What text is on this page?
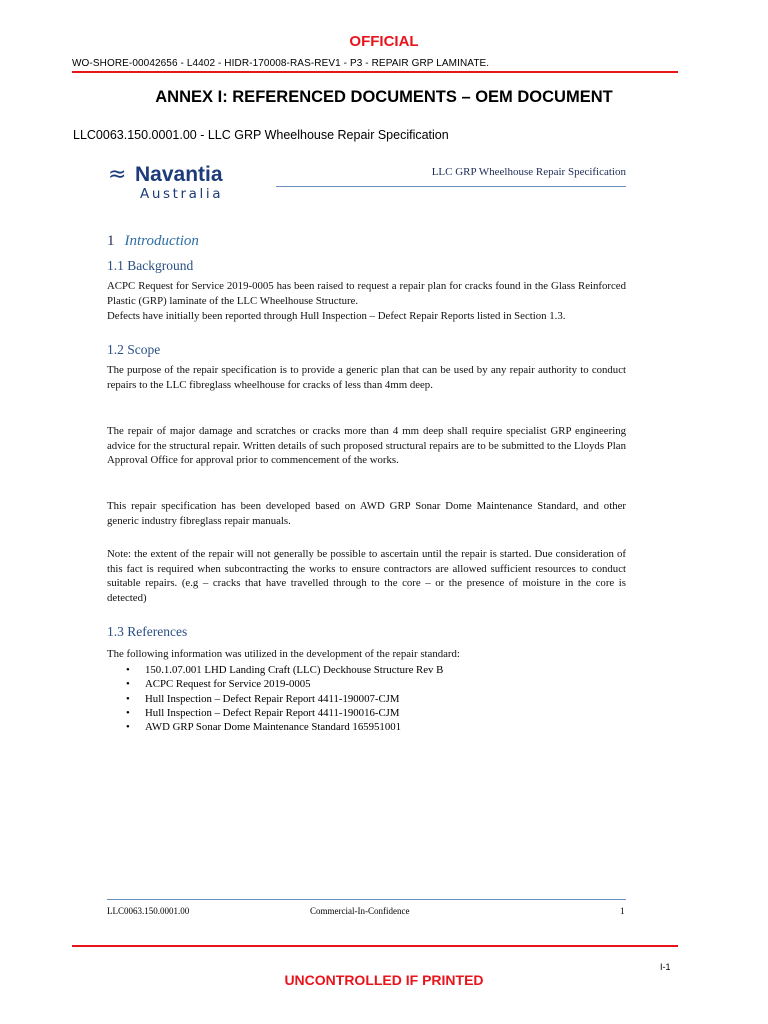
OFFICIAL
WO-SHORE-00042656 - L4402 - HIDR-170008-RAS-REV1 - P3 - REPAIR GRP LAMINATE.
ANNEX I: REFERENCED DOCUMENTS – OEM DOCUMENT
LLC0063.150.0001.00 - LLC GRP Wheelhouse Repair Specification
≈ Navantia
Australia
LLC GRP Wheelhouse Repair Specification
1 Introduction
1.1 Background
ACPC Request for Service 2019-0005 has been raised to request a repair plan for cracks found in the Glass Reinforced Plastic (GRP) laminate of the LLC Wheelhouse Structure.
Defects have initially been reported through Hull Inspection – Defect Repair Reports listed in Section 1.3.
1.2 Scope
The purpose of the repair specification is to provide a generic plan that can be used by any repair authority to conduct repairs to the LLC fibreglass wheelhouse for cracks of less than 4mm deep.
The repair of major damage and scratches or cracks more than 4 mm deep shall require specialist GRP engineering advice for the structural repair. Written details of such proposed structural repairs are to be submitted to the Lloyds Plan Approval Office for approval prior to commencement of the works.
This repair specification has been developed based on AWD GRP Sonar Dome Maintenance Standard, and other generic industry fibreglass repair manuals.
Note: the extent of the repair will not generally be possible to ascertain until the repair is started. Due consideration of this fact is required when subcontracting the works to ensure contractors are allowed sufficient resources to conduct suitable repairs. (e.g – cracks that have travelled through to the core – or the presence of moisture in the core is detected)
1.3 References
The following information was utilized in the development of the repair standard:
•	150.1.07.001 LHD Landing Craft (LLC) Deckhouse Structure Rev B
•	ACPC Request for Service 2019-0005
•	Hull Inspection – Defect Repair Report 4411-190007-CJM
•	Hull Inspection – Defect Repair Report 4411-190016-CJM
•	AWD GRP Sonar Dome Maintenance Standard 165951001
LLC0063.150.0001.00	Commercial-In-Confidence	1
I-1
UNCONTROLLED IF PRINTED
